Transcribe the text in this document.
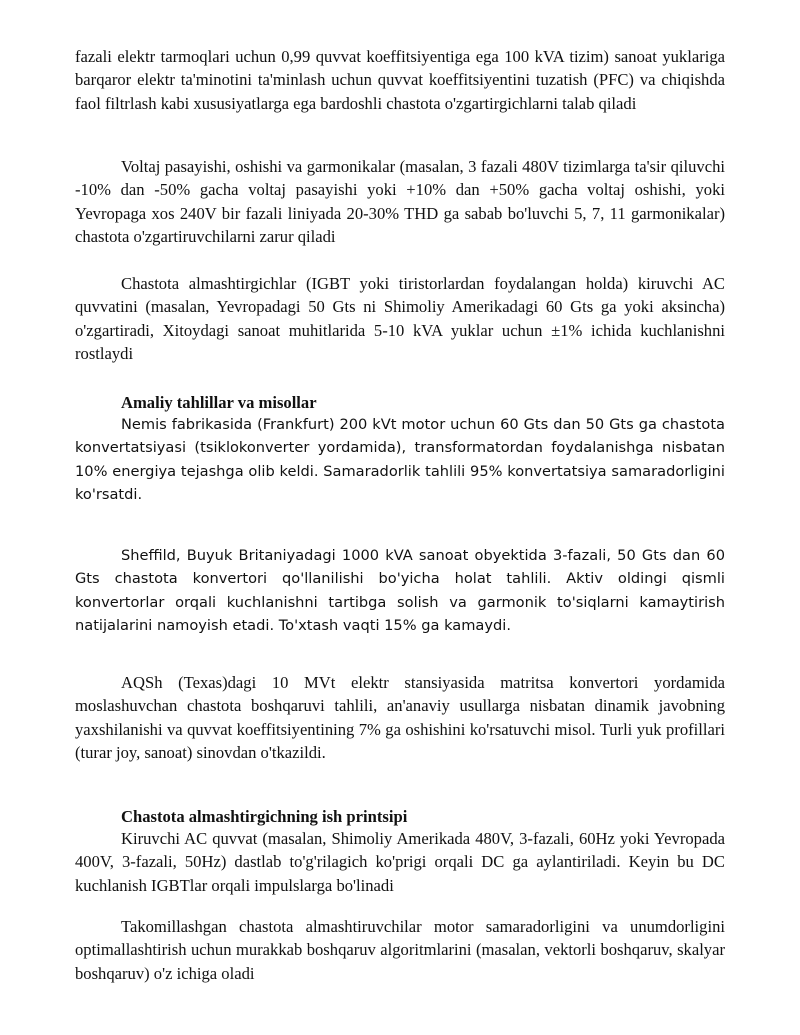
fazali elektr tarmoqlari uchun 0,99 quvvat koeffitsiyentiga ega 100 kVA tizim) sanoat yuklariga barqaror elektr ta'minotini ta'minlash uchun quvvat koeffitsiyentini tuzatish (PFC) va chiqishda faol filtrlash kabi xususiyatlarga ega bardoshli chastota o'zgartirgichlarni talab qiladi

Voltaj pasayishi, oshishi va garmonikalar (masalan, 3 fazali 480V tizimlarga ta'sir qiluvchi -10% dan -50% gacha voltaj pasayishi yoki +10% dan +50% gacha voltaj oshishi, yoki Yevropaga xos 240V bir fazali liniyada 20-30% THD ga sabab bo'luvchi 5, 7, 11 garmonikalar) chastota o'zgartiruvchilarni zarur qiladi

Chastota almashtirgichlar (IGBT yoki tiristorlardan foydalangan holda) kiruvchi AC quvvatini (masalan, Yevropadagi 50 Gts ni Shimoliy Amerikadagi 60 Gts ga yoki aksincha) o'zgartiradi, Xitoydagi sanoat muhitlarida 5-10 kVA yuklar uchun ±1% ichida kuchlanishni rostlaydi

Amaliy tahlillar va misollar

Nemis fabrikasida (Frankfurt) 200 kVt motor uchun 60 Gts dan 50 Gts ga chastota konvertatsiyasi (tsiklokonverter yordamida), transformatordan foydalanishga nisbatan 10% energiya tejashga olib keldi. Samaradorlik tahlili 95% konvertatsiya samaradorligini ko'rsatdi.

Sheffild, Buyuk Britaniyadagi 1000 kVA sanoat obyektida 3-fazali, 50 Gts dan 60 Gts chastota konvertori qo'llanilishi bo'yicha holat tahlili. Aktiv oldingi qismli konvertorlar orqali kuchlanishni tartibga solish va garmonik to'siqlarni kamaytirish natijalarini namoyish etadi. To'xtash vaqti 15% ga kamaydi.

AQSh (Texas)dagi 10 MVt elektr stansiyasida matritsa konvertori yordamida moslashuvchan chastota boshqaruvi tahlili, an'anaviy usullarga nisbatan dinamik javobning yaxshilanishi va quvvat koeffitsiyentining 7% ga oshishini ko'rsatuvchi misol. Turli yuk profillari (turar joy, sanoat) sinovdan o'tkazildi.

Chastota almashtirgichning ish printsipi

Kiruvchi AC quvvat (masalan, Shimoliy Amerikada 480V, 3-fazali, 60Hz yoki Yevropada 400V, 3-fazali, 50Hz) dastlab to'g'rilagich ko'prigi orqali DC ga aylantiriladi. Keyin bu DC kuchlanish IGBTlar orqali impulslarga bo'linadi

Takomillashgan chastota almashtiruvchilar motor samaradorligini va unumdorligini optimallashtirish uchun murakkab boshqaruv algoritmlarini (masalan, vektorli boshqaruv, skalyar boshqaruv) o'z ichiga oladi
